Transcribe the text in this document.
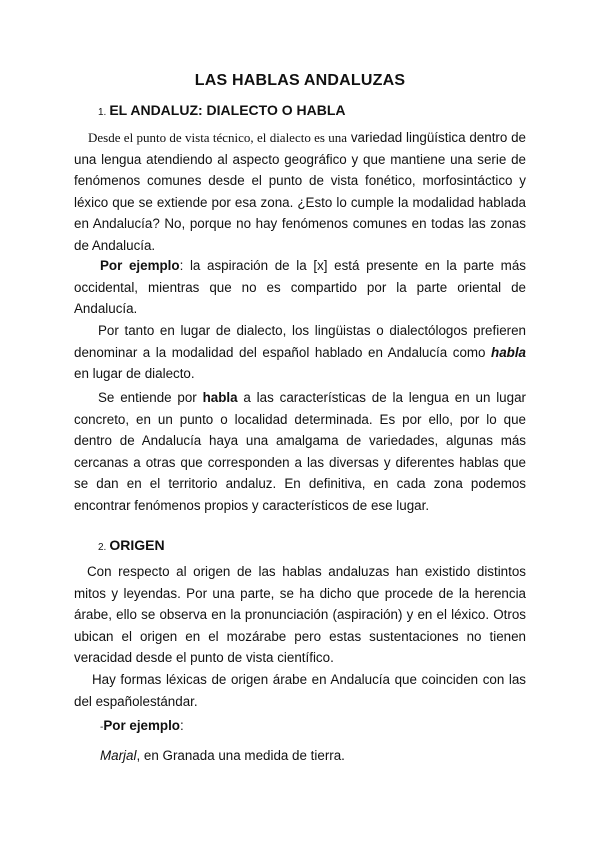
LAS HABLAS ANDALUZAS
1. EL ANDALUZ: DIALECTO O HABLA

Desde el punto de vista técnico, el dialecto es una variedad lingüística dentro de una lengua atendiendo al aspecto geográfico y que mantiene una serie de fenómenos comunes desde el punto de vista fonético, morfosintáctico y léxico que se extiende por esa zona. ¿Esto lo cumple la modalidad hablada en Andalucía? No, porque no hay fenómenos comunes en todas las zonas de Andalucía.

Por ejemplo: la aspiración de la [x] está presente en la parte más occidental, mientras que no es compartido por la parte oriental de Andalucía.

Por tanto en lugar de dialecto, los lingüistas o dialectólogos prefieren denominar a la modalidad del español hablado en Andalucía como habla en lugar de dialecto.

Se entiende por habla a las características de la lengua en un lugar concreto, en un punto o localidad determinada. Es por ello, por lo que dentro de Andalucía haya una amalgama de variedades, algunas más cercanas a otras que corresponden a las diversas y diferentes hablas que se dan en el territorio andaluz. En definitiva, en cada zona podemos encontrar fenómenos propios y característicos de ese lugar.

2. ORIGEN

Con respecto al origen de las hablas andaluzas han existido distintos mitos y leyendas. Por una parte, se ha dicho que procede de la herencia árabe, ello se observa en la pronunciación (aspiración) y en el léxico. Otros ubican el origen en el mozárabe pero estas sustentaciones no tienen veracidad desde el punto de vista científico.

Hay formas léxicas de origen árabe en Andalucía que coinciden con las del españolestándar.

-Por ejemplo:
Marjal, en Granada una medida de tierra.
